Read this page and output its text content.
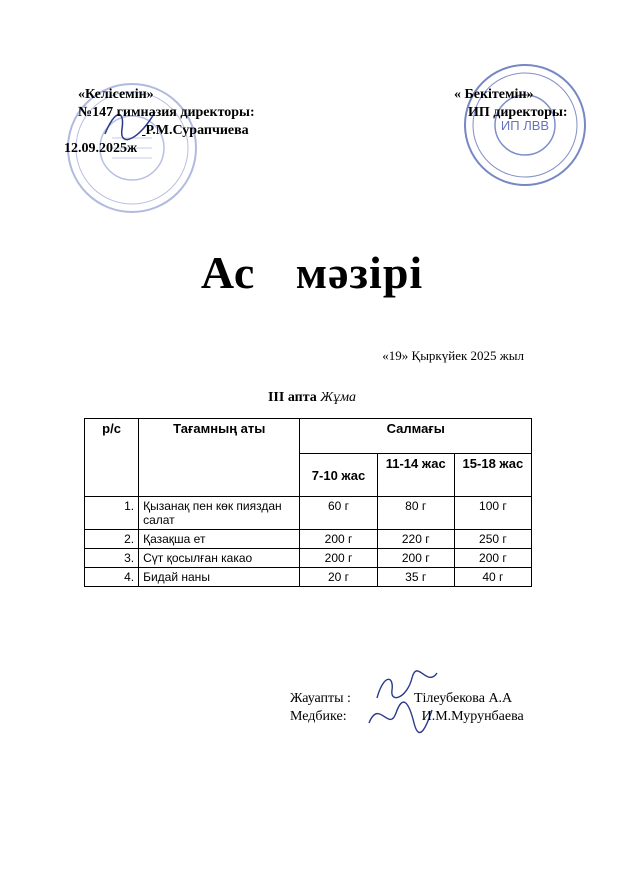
ИП ЛВВ
«Келісемін»
№147 гимназия директоры:
Р.М.Сурапчиева
12.09.2025ж
« Бекітемін»
ИП директоры:
Ас мәзірі
«19» Қыркүйек 2025 жыл
ІІІ апта Жұма
р/с	Тағамның аты	Салмағы		
		7-10 жас	11-14 жас	15-18 жас
1.	Қызанақ пен көк пияздан салат	60 г	80 г	100 г
2.	Қазақша ет	200 г	220 г	250 г
3.	Сүт қосылған какао	200 г	200 г	200 г
4.	Бидай наны	20 г	35 г	40 г
Жауапты :	Тілеубекова А.А
Медбике:	И.М.Мурунбаева
